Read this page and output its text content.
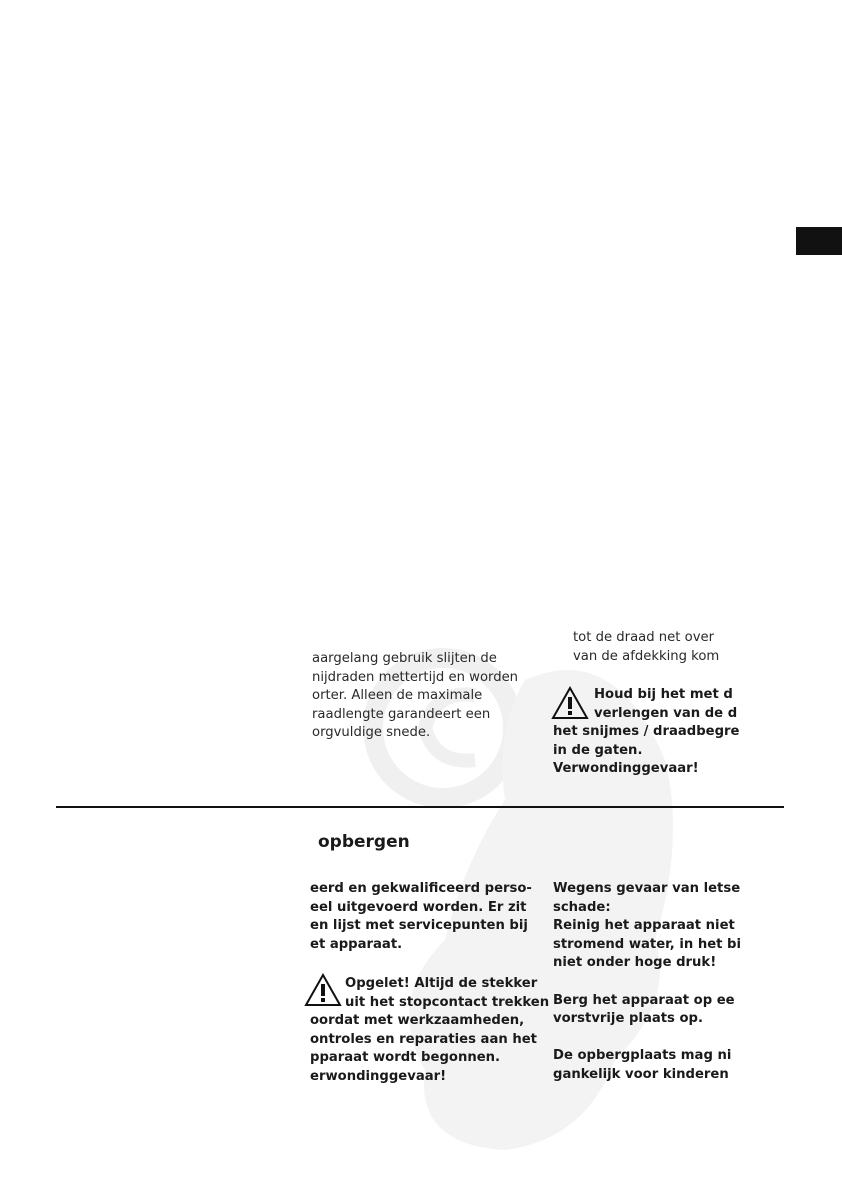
tot de draad net over
van de afdekking kom
Houd bij het met d
verlengen van de d
het snijmes / draadbegre
in de gaten.
Verwondinggevaar!
aargelang gebruik slijten de
nijdraden mettertijd en worden
orter. Alleen de maximale
raadlengte garandeert een
orgvuldige snede.
opbergen
eerd en gekwalificeerd perso-
eel uitgevoerd worden. Er zit
en lijst met servicepunten bij
et apparaat.
Opgelet! Altijd de stekker
uit het stopcontact trekken
oordat met werkzaamheden,
ontroles en reparaties aan het
pparaat wordt begonnen.
erwondinggevaar!
Wegens gevaar van letse
schade:
Reinig het apparaat niet
stromend water, in het bi
niet onder hoge druk!
Berg het apparaat op ee
vorstvrije plaats op.
De opbergplaats mag ni
gankelijk voor kinderen
